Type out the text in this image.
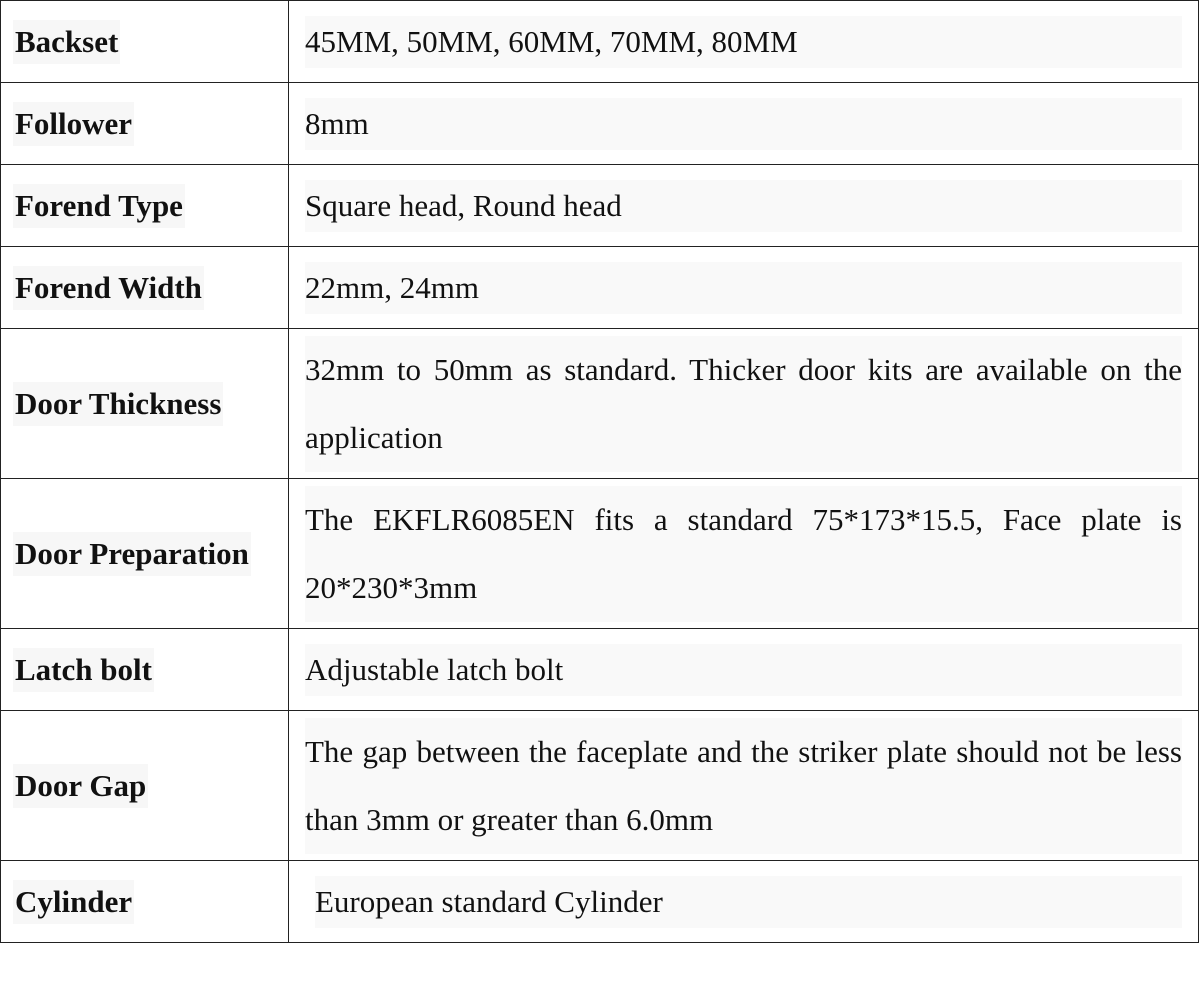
Backset	45MM, 50MM, 60MM, 70MM, 80MM

Follower	8mm

Forend Type	Square head, Round head

Forend Width	22mm, 24mm

Door Thickness	32mm to 50mm as standard. Thicker door kits are available on the application

Door Preparation	The EKFLR6085EN fits a standard 75*173*15.5, Face plate is 20*230*3mm

Latch bolt	Adjustable latch bolt

Door Gap	The gap between the faceplate and the striker plate should not be less than 3mm or greater than 6.0mm

Cylinder	European standard Cylinder
